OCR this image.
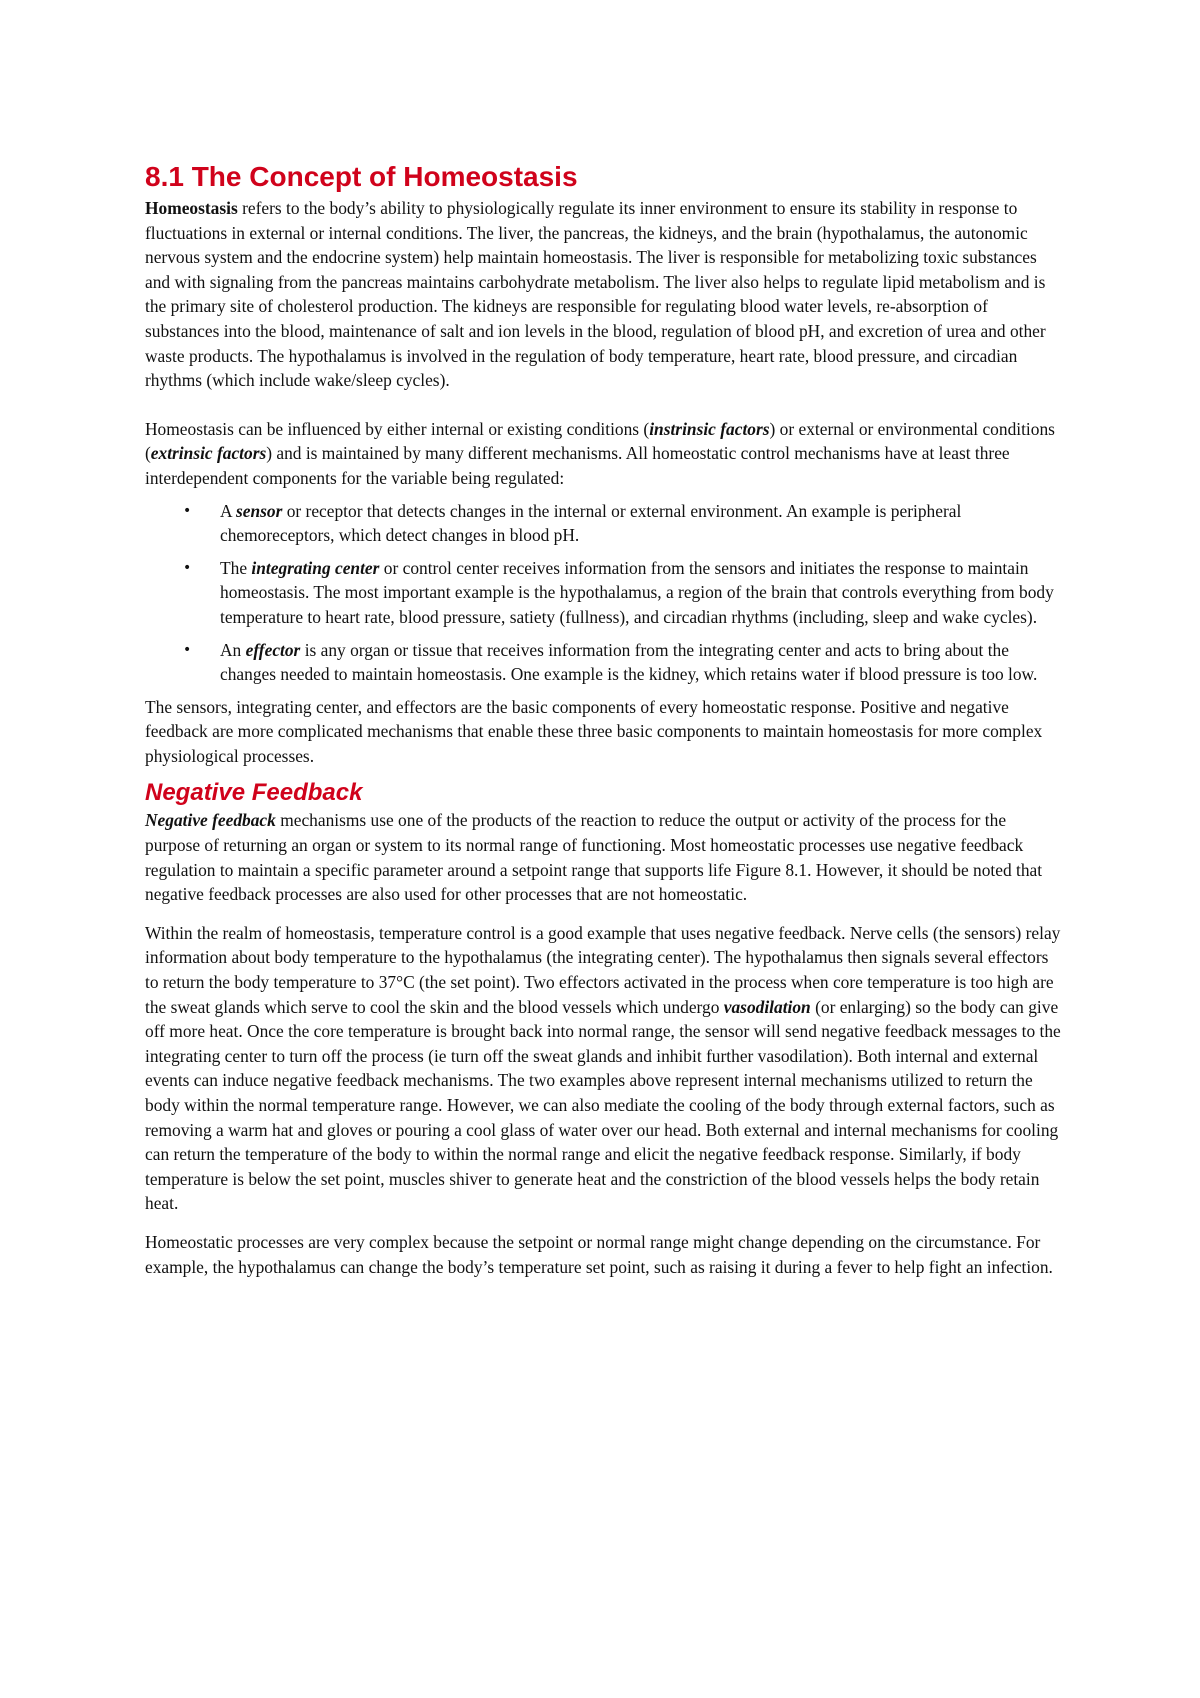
8.1 The Concept of Homeostasis

Homeostasis refers to the body’s ability to physiologically regulate its inner environment to ensure its stability in response to fluctuations in external or internal conditions. The liver, the pancreas, the kidneys, and the brain (hypothalamus, the autonomic nervous system and the endocrine system) help maintain homeostasis. The liver is responsible for metabolizing toxic substances and with signaling from the pancreas maintains carbohydrate metabolism. The liver also helps to regulate lipid metabolism and is the primary site of cholesterol production. The kidneys are responsible for regulating blood water levels, re-absorption of substances into the blood, maintenance of salt and ion levels in the blood, regulation of blood pH, and excretion of urea and other waste products. The hypothalamus is involved in the regulation of body temperature, heart rate, blood pressure, and circadian rhythms (which include wake/sleep cycles).

Homeostasis can be influenced by either internal or existing conditions (instrinsic factors) or external or environmental conditions (extrinsic factors) and is maintained by many different mechanisms. All homeostatic control mechanisms have at least three interdependent components for the variable being regulated:

• A sensor or receptor that detects changes in the internal or external environment. An example is peripheral chemoreceptors, which detect changes in blood pH.
• The integrating center or control center receives information from the sensors and initiates the response to maintain homeostasis. The most important example is the hypothalamus, a region of the brain that controls everything from body temperature to heart rate, blood pressure, satiety (fullness), and circadian rhythms (including, sleep and wake cycles).
• An effector is any organ or tissue that receives information from the integrating center and acts to bring about the changes needed to maintain homeostasis. One example is the kidney, which retains water if blood pressure is too low.

The sensors, integrating center, and effectors are the basic components of every homeostatic response. Positive and negative feedback are more complicated mechanisms that enable these three basic components to maintain homeostasis for more complex physiological processes.

Negative Feedback

Negative feedback mechanisms use one of the products of the reaction to reduce the output or activity of the process for the purpose of returning an organ or system to its normal range of functioning. Most homeostatic processes use negative feedback regulation to maintain a specific parameter around a setpoint range that supports life Figure 8.1. However, it should be noted that negative feedback processes are also used for other processes that are not homeostatic.

Within the realm of homeostasis, temperature control is a good example that uses negative feedback. Nerve cells (the sensors) relay information about body temperature to the hypothalamus (the integrating center). The hypothalamus then signals several effectors to return the body temperature to 37°C (the set point). Two effectors activated in the process when core temperature is too high are the sweat glands which serve to cool the skin and the blood vessels which undergo vasodilation (or enlarging) so the body can give off more heat. Once the core temperature is brought back into normal range, the sensor will send negative feedback messages to the integrating center to turn off the process (ie turn off the sweat glands and inhibit further vasodilation). Both internal and external events can induce negative feedback mechanisms. The two examples above represent internal mechanisms utilized to return the body within the normal temperature range. However, we can also mediate the cooling of the body through external factors, such as removing a warm hat and gloves or pouring a cool glass of water over our head. Both external and internal mechanisms for cooling can return the temperature of the body to within the normal range and elicit the negative feedback response. Similarly, if body temperature is below the set point, muscles shiver to generate heat and the constriction of the blood vessels helps the body retain heat.

Homeostatic processes are very complex because the setpoint or normal range might change depending on the circumstance. For example, the hypothalamus can change the body’s temperature set point, such as raising it during a fever to help fight an infection.
